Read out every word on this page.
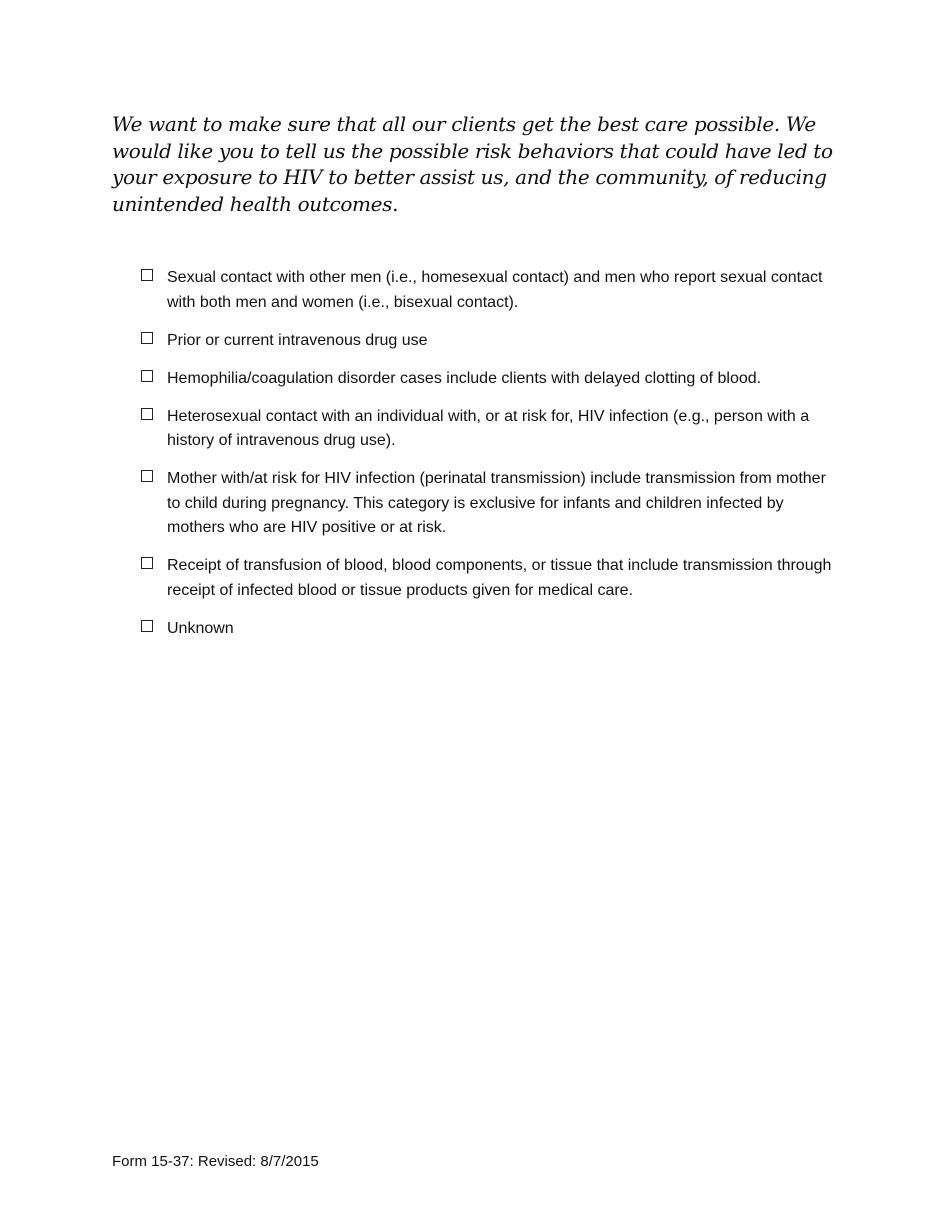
We want to make sure that all our clients get the best care possible. We would like you to tell us the possible risk behaviors that could have led to your exposure to HIV to better assist us, and the community, of reducing unintended health outcomes.

Sexual contact with other men (i.e., homesexual contact) and men who report sexual contact with both men and women (i.e., bisexual contact).
Prior or current intravenous drug use
Hemophilia/coagulation disorder cases include clients with delayed clotting of blood.
Heterosexual contact with an individual with, or at risk for, HIV infection (e.g., person with a history of intravenous drug use).
Mother with/at risk for HIV infection (perinatal transmission) include transmission from mother to child during pregnancy. This category is exclusive for infants and children infected by mothers who are HIV positive or at risk.
Receipt of transfusion of blood, blood components, or tissue that include transmission through receipt of infected blood or tissue products given for medical care.
Unknown

Form 15-37: Revised: 8/7/2015
